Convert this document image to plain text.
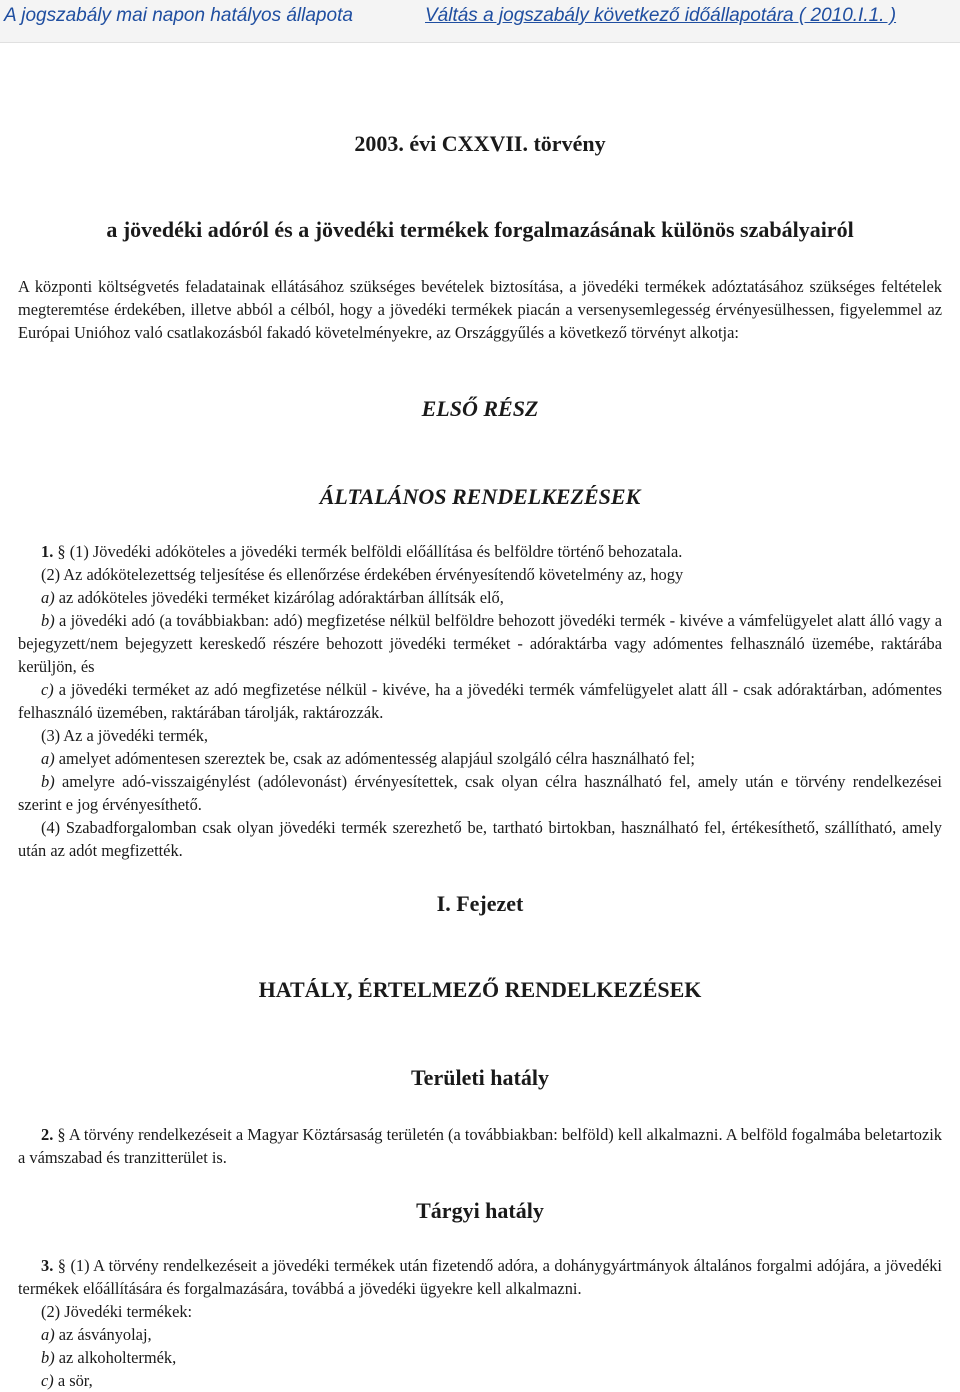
A jogszabály mai napon hatályos állapota	Váltás a jogszabály következő időállapotára ( 2010.I.1. )
2003. évi CXXVII. törvény
a jövedéki adóról és a jövedéki termékek forgalmazásának különös szabályairól
A központi költségvetés feladatainak ellátásához szükséges bevételek biztosítása, a jövedéki termékek adóztatásához szükséges feltételek megteremtése érdekében, illetve abból a célból, hogy a jövedéki termékek piacán a versenysemlegesség érvényesülhessen, figyelemmel az Európai Unióhoz való csatlakozásból fakadó követelményekre, az Országgyűlés a következő törvényt alkotja:
ELSŐ RÉSZ
ÁLTALÁNOS RENDELKEZÉSEK

1. § (1) Jövedéki adóköteles a jövedéki termék belföldi előállítása és belföldre történő behozatala.

(2) Az adókötelezettség teljesítése és ellenőrzése érdekében érvényesítendő követelmény az, hogy

a) az adóköteles jövedéki terméket kizárólag adóraktárban állítsák elő,

b) a jövedéki adó (a továbbiakban: adó) megfizetése nélkül belföldre behozott jövedéki termék - kivéve a vámfelügyelet alatt álló vagy a bejegyzett/nem bejegyzett kereskedő részére behozott jövedéki terméket - adóraktárba vagy adómentes felhasználó üzemébe, raktárába kerüljön, és

c) a jövedéki terméket az adó megfizetése nélkül - kivéve, ha a jövedéki termék vámfelügyelet alatt áll - csak adóraktárban, adómentes felhasználó üzemében, raktárában tárolják, raktározzák.

(3) Az a jövedéki termék,

a) amelyet adómentesen szereztek be, csak az adómentesség alapjául szolgáló célra használható fel;

b) amelyre adó-visszaigénylést (adólevonást) érvényesítettek, csak olyan célra használható fel, amely után e törvény rendelkezései szerint e jog érvényesíthető.

(4) Szabadforgalomban csak olyan jövedéki termék szerezhető be, tartható birtokban, használható fel, értékesíthető, szállítható, amely után az adót megfizették.

I. Fejezet
HATÁLY, ÉRTELMEZŐ RENDELKEZÉSEK
Területi hatály

2. § A törvény rendelkezéseit a Magyar Köztársaság területén (a továbbiakban: belföld) kell alkalmazni. A belföld fogalmába beletartozik a vámszabad és tranzitterület is.

Tárgyi hatály

3. § (1) A törvény rendelkezéseit a jövedéki termékek után fizetendő adóra, a dohánygyártmányok általános forgalmi adójára, a jövedéki termékek előállítására és forgalmazására, továbbá a jövedéki ügyekre kell alkalmazni.

(2) Jövedéki termékek:

a) az ásványolaj,

b) az alkoholtermék,

c) a sör,
